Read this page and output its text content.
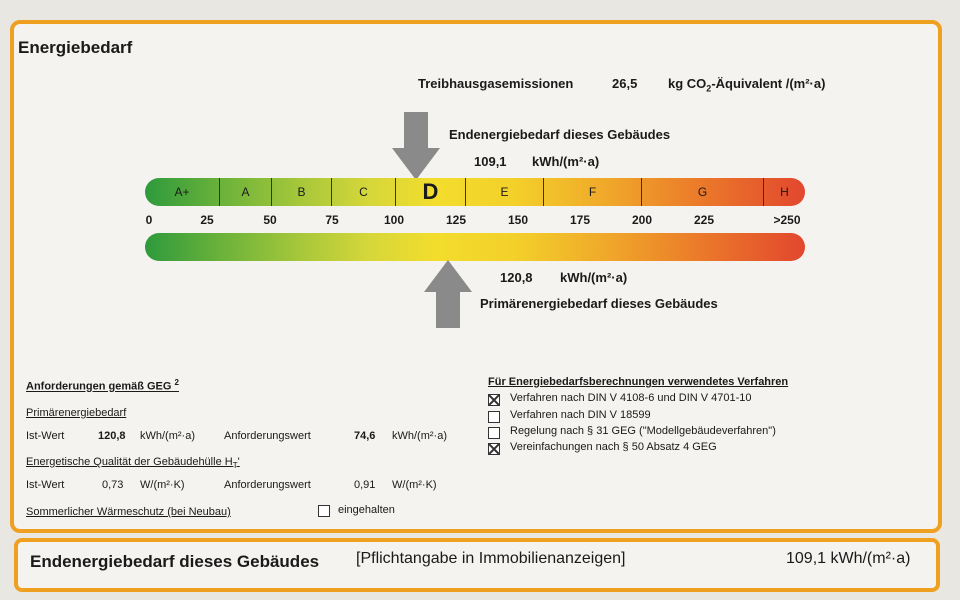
Energiebedarf
Treibhausgasemissionen	26,5 kg $CO_2$-Äquivalent /(m²·a)
Endenergiebedarf dieses Gebäudes
109,1 kWh/(m²·a)
A+	A	B	C	D	E	F	G	H
0	25	50	75	100	125	150	175	200	225	>250
120,8 kWh/(m²·a)
Primärenergiebedarf dieses Gebäudes
Anforderungen gemäß GEG $^2$
Primärenergiebedarf
Ist-Wert	120,8 kWh/(m²·a)	Anforderungswert	74,6 kWh/(m²·a)
Energetische Qualität der Gebäudehülle $H_T'$
Ist-Wert	0,73 W/(m²·K)	Anforderungswert	0,91 W/(m²·K)
Sommerlicher Wärmeschutz (bei Neubau)	eingehalten
Für Energiebedarfsberechnungen verwendetes Verfahren
Verfahren nach DIN V 4108-6 und DIN V 4701-10
Verfahren nach DIN V 18599
Regelung nach § 31 GEG ("Modellgebäudeverfahren")
Vereinfachungen nach § 50 Absatz 4 GEG
Endenergiebedarf dieses Gebäudes [Pflichtangabe in Immobilienanzeigen]	109,1 kWh/(m²·a)
